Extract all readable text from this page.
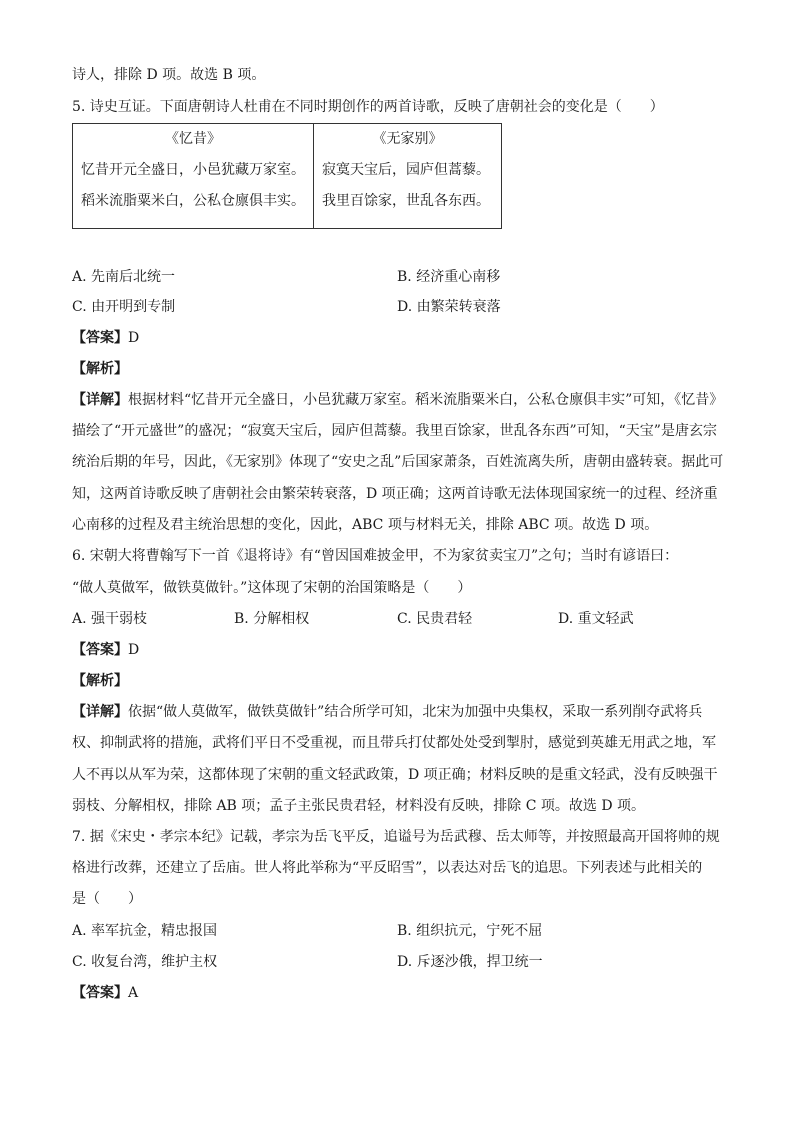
诗人，排除 D 项。故选 B 项。
5. 诗史互证。下面唐朝诗人杜甫在不同时期创作的两首诗歌，反映了唐朝社会的变化是（　　）
《忆昔》
忆昔开元全盛日，小邑犹藏万家室。
稻米流脂粟米白，公私仓廪俱丰实。

《无家别》
寂寞天宝后，园庐但蒿藜。
我里百馀家，世乱各东西。
A. 先南后北统一	B. 经济重心南移
C. 由开明到专制	D. 由繁荣转衰落
【答案】D
【解析】
【详解】根据材料“忆昔开元全盛日，小邑犹藏万家室。稻米流脂粟米白，公私仓廪俱丰实”可知，《忆昔》
描绘了“开元盛世”的盛况；“寂寞天宝后，园庐但蒿藜。我里百馀家，世乱各东西”可知，“天宝”是唐玄宗
统治后期的年号，因此，《无家别》体现了“安史之乱”后国家萧条，百姓流离失所，唐朝由盛转衰。据此可
知，这两首诗歌反映了唐朝社会由繁荣转衰落，D 项正确；这两首诗歌无法体现国家统一的过程、经济重
心南移的过程及君主统治思想的变化，因此，ABC 项与材料无关，排除 ABC 项。故选 D 项。
6. 宋朝大将曹翰写下一首《退将诗》有“曾因国难披金甲，不为家贫卖宝刀”之句；当时有谚语曰：
“做人莫做军，做铁莫做针。”这体现了宋朝的治国策略是（　　）
A. 强干弱枝	B. 分解相权	C. 民贵君轻	D. 重文轻武
【答案】D
【解析】
【详解】依据“做人莫做军，做铁莫做针”结合所学可知，北宋为加强中央集权，采取一系列削夺武将兵
权、抑制武将的措施，武将们平日不受重视，而且带兵打仗都处处受到掣肘，感觉到英雄无用武之地，军
人不再以从军为荣，这都体现了宋朝的重文轻武政策，D 项正确；材料反映的是重文轻武，没有反映强干
弱枝、分解相权，排除 AB 项；孟子主张民贵君轻，材料没有反映，排除 C 项。故选 D 项。
7. 据《宋史・孝宗本纪》记载，孝宗为岳飞平反，追谥号为岳武穆、岳太师等，并按照最高开国将帅的规
格进行改葬，还建立了岳庙。世人将此举称为“平反昭雪”，以表达对岳飞的追思。下列表述与此相关的
是（　　）
A. 率军抗金，精忠报国	B. 组织抗元，宁死不屈
C. 收复台湾，维护主权	D. 斥逐沙俄，捍卫统一
【答案】A
